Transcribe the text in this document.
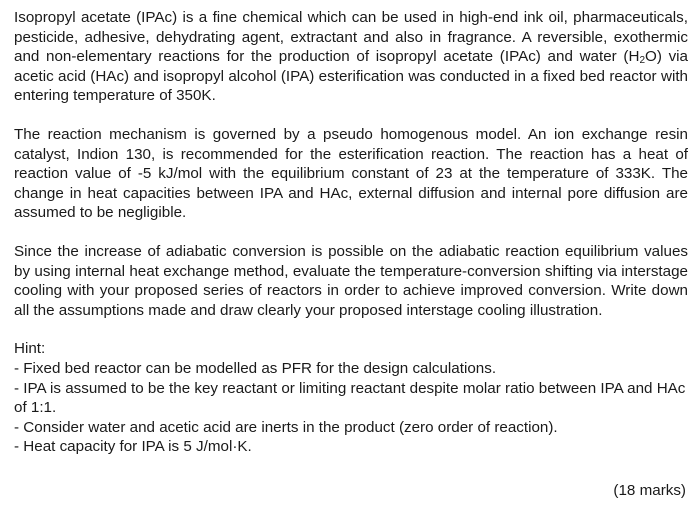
Isopropyl acetate (IPAc) is a fine chemical which can be used in high-end ink oil, pharmaceuticals, pesticide, adhesive, dehydrating agent, extractant and also in fragrance. A reversible, exothermic and non-elementary reactions for the production of isopropyl acetate (IPAc) and water $(H_2O)$ via acetic acid (HAc) and isopropyl alcohol (IPA) esterification was conducted in a fixed bed reactor with entering temperature of 350K.

The reaction mechanism is governed by a pseudo homogenous model. An ion exchange resin catalyst, Indion 130, is recommended for the esterification reaction. The reaction has a heat of reaction value of -5 kJ/mol with the equilibrium constant of 23 at the temperature of 333K. The change in heat capacities between IPA and HAc, external diffusion and internal pore diffusion are assumed to be negligible.

Since the increase of adiabatic conversion is possible on the adiabatic reaction equilibrium values by using internal heat exchange method, evaluate the temperature-conversion shifting via interstage cooling with your proposed series of reactors in order to achieve improved conversion. Write down all the assumptions made and draw clearly your proposed interstage cooling illustration.

Hint:

- Fixed bed reactor can be modelled as PFR for the design calculations.

- IPA is assumed to be the key reactant or limiting reactant despite molar ratio between IPA and HAc of 1:1.

- Consider water and acetic acid are inerts in the product (zero order of reaction).

- Heat capacity for IPA is 5 J/mol·K.

(18 marks)
